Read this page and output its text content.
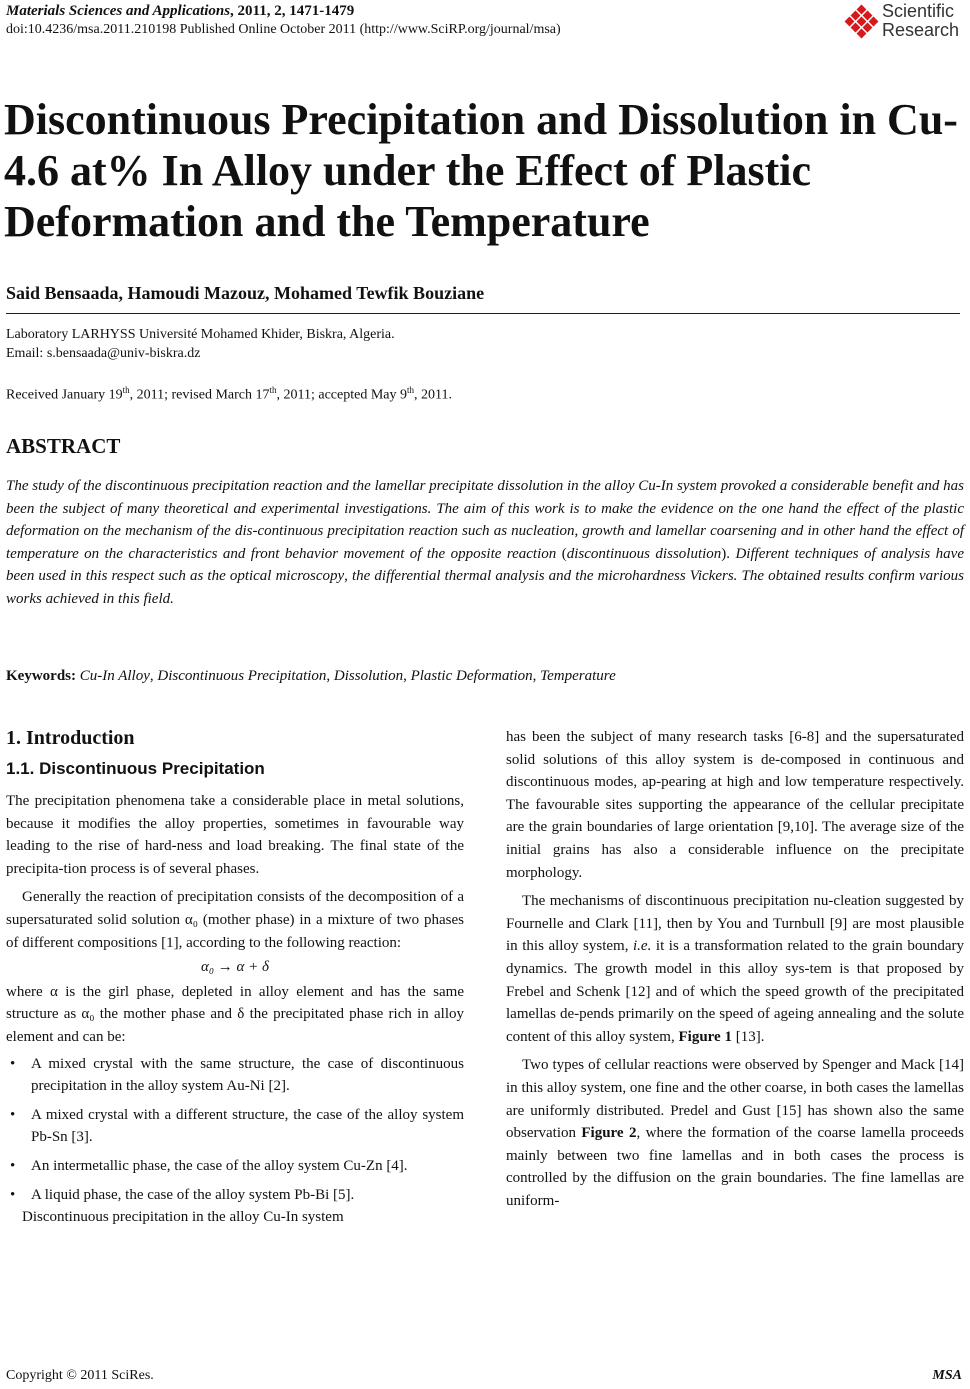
Materials Sciences and Applications, 2011, 2, 1471-1479
doi:10.4236/msa.2011.210198 Published Online October 2011 (http://www.SciRP.org/journal/msa)
Scientific
Research
Discontinuous Precipitation and Dissolution in Cu-4.6 at% In Alloy under the Effect of Plastic Deformation and the Temperature
Said Bensaada, Hamoudi Mazouz, Mohamed Tewfik Bouziane
Laboratory LARHYSS Université Mohamed Khider, Biskra, Algeria.
Email: s.bensaada@univ-biskra.dz
Received January 19th, 2011; revised March 17th, 2011; accepted May 9th, 2011.
ABSTRACT
The study of the discontinuous precipitation reaction and the lamellar precipitate dissolution in the alloy Cu-In system provoked a considerable benefit and has been the subject of many theoretical and experimental investigations. The aim of this work is to make the evidence on the one hand the effect of the plastic deformation on the mechanism of the dis-continuous precipitation reaction such as nucleation, growth and lamellar coarsening and in other hand the effect of temperature on the characteristics and front behavior movement of the opposite reaction (discontinuous dissolution). Different techniques of analysis have been used in this respect such as the optical microscopy, the differential thermal analysis and the microhardness Vickers. The obtained results confirm various works achieved in this field.
Keywords: Cu-In Alloy, Discontinuous Precipitation, Dissolution, Plastic Deformation, Temperature
1. Introduction
1.1. Discontinuous Precipitation

The precipitation phenomena take a considerable place in metal solutions, because it modifies the alloy properties, sometimes in favourable way leading to the rise of hard-ness and load breaking. The final state of the precipita-tion process is of several phases.

Generally the reaction of precipitation consists of the decomposition of a supersaturated solid solution α₀ (mother phase) in a mixture of two phases of different compositions [1], according to the following reaction:

α₀ → α + δ

where α is the girl phase, depleted in alloy element and has the same structure as α₀ the mother phase and δ the precipitated phase rich in alloy element and can be:

• A mixed crystal with the same structure, the case of discontinuous precipitation in the alloy system Au-Ni [2].
• A mixed crystal with a different structure, the case of the alloy system Pb-Sn [3].
• An intermetallic phase, the case of the alloy system Cu-Zn [4].
• A liquid phase, the case of the alloy system Pb-Bi [5].

Discontinuous precipitation in the alloy Cu-In system

has been the subject of many research tasks [6-8] and the supersaturated solid solutions of this alloy system is de-composed in continuous and discontinuous modes, ap-pearing at high and low temperature respectively. The favourable sites supporting the appearance of the cellular precipitate are the grain boundaries of large orientation [9,10]. The average size of the initial grains has also a considerable influence on the precipitate morphology.

The mechanisms of discontinuous precipitation nu-cleation suggested by Fournelle and Clark [11], then by You and Turnbull [9] are most plausible in this alloy system, i.e. it is a transformation related to the grain boundary dynamics. The growth model in this alloy sys-tem is that proposed by Frebel and Schenk [12] and of which the speed growth of the precipitated lamellas de-pends primarily on the speed of ageing annealing and the solute content of this alloy system, Figure 1 [13].

Two types of cellular reactions were observed by Spenger and Mack [14] in this alloy system, one fine and the other coarse, in both cases the lamellas are uniformly distributed. Predel and Gust [15] has shown also the same observation Figure 2, where the formation of the coarse lamella proceeds mainly between two fine lamellas and in both cases the process is controlled by the diffusion on the grain boundaries. The fine lamellas are uniform-

Copyright © 2011 SciRes.	MSA
